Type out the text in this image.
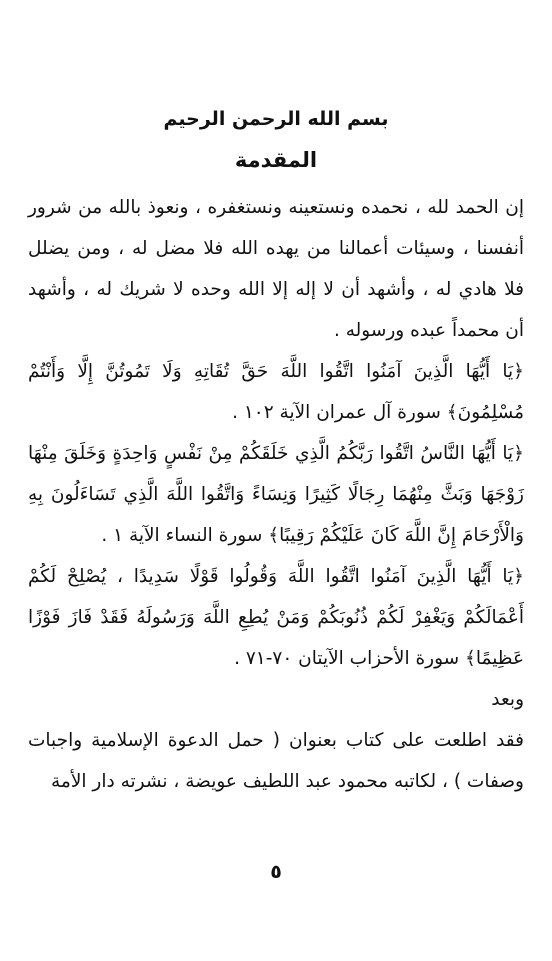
بسم الله الرحمن الرحيم
المقدمة

إن الحمد لله ، نحمده ونستعينه ونستغفره ، ونعوذ بالله من شرور أنفسنا ، وسيئات أعمالنا من يهده الله فلا مضل له ، ومن يضلل فلا هادي له ، وأشهد أن لا إله إلا الله وحده لا شريك له ، وأشهد أن محمداً عبده ورسوله .

﴿يَا أَيُّهَا الَّذِينَ آمَنُوا اتَّقُوا اللَّهَ حَقَّ تُقَاتِهِ وَلَا تَمُوتُنَّ إِلَّا وَأَنْتُمْ مُسْلِمُونَ﴾ سورة آل عمران الآية ١٠٢ .

﴿يَا أَيُّهَا النَّاسُ اتَّقُوا رَبَّكُمُ الَّذِي خَلَقَكُمْ مِنْ نَفْسٍ وَاحِدَةٍ وَخَلَقَ مِنْهَا زَوْجَهَا وَبَثَّ مِنْهُمَا رِجَالًا كَثِيرًا وَنِسَاءً وَاتَّقُوا اللَّهَ الَّذِي تَسَاءَلُونَ بِهِ وَالْأَرْحَامَ إِنَّ اللَّهَ كَانَ عَلَيْكُمْ رَقِيبًا﴾ سورة النساء الآية ١ .

﴿يَا أَيُّهَا الَّذِينَ آمَنُوا اتَّقُوا اللَّهَ وَقُولُوا قَوْلًا سَدِيدًا ، يُصْلِحْ لَكُمْ أَعْمَالَكُمْ وَيَغْفِرْ لَكُمْ ذُنُوبَكُمْ وَمَنْ يُطِعِ اللَّهَ وَرَسُولَهُ فَقَدْ فَازَ فَوْزًا عَظِيمًا﴾ سورة الأحزاب الآيتان ٧٠-٧١ .

وبعد

فقد اطلعت على كتاب بعنوان ( حمل الدعوة الإسلامية واجبات وصفات ) ، لكاتبه محمود عبد اللطيف عويضة ، نشرته دار الأمة

٥
